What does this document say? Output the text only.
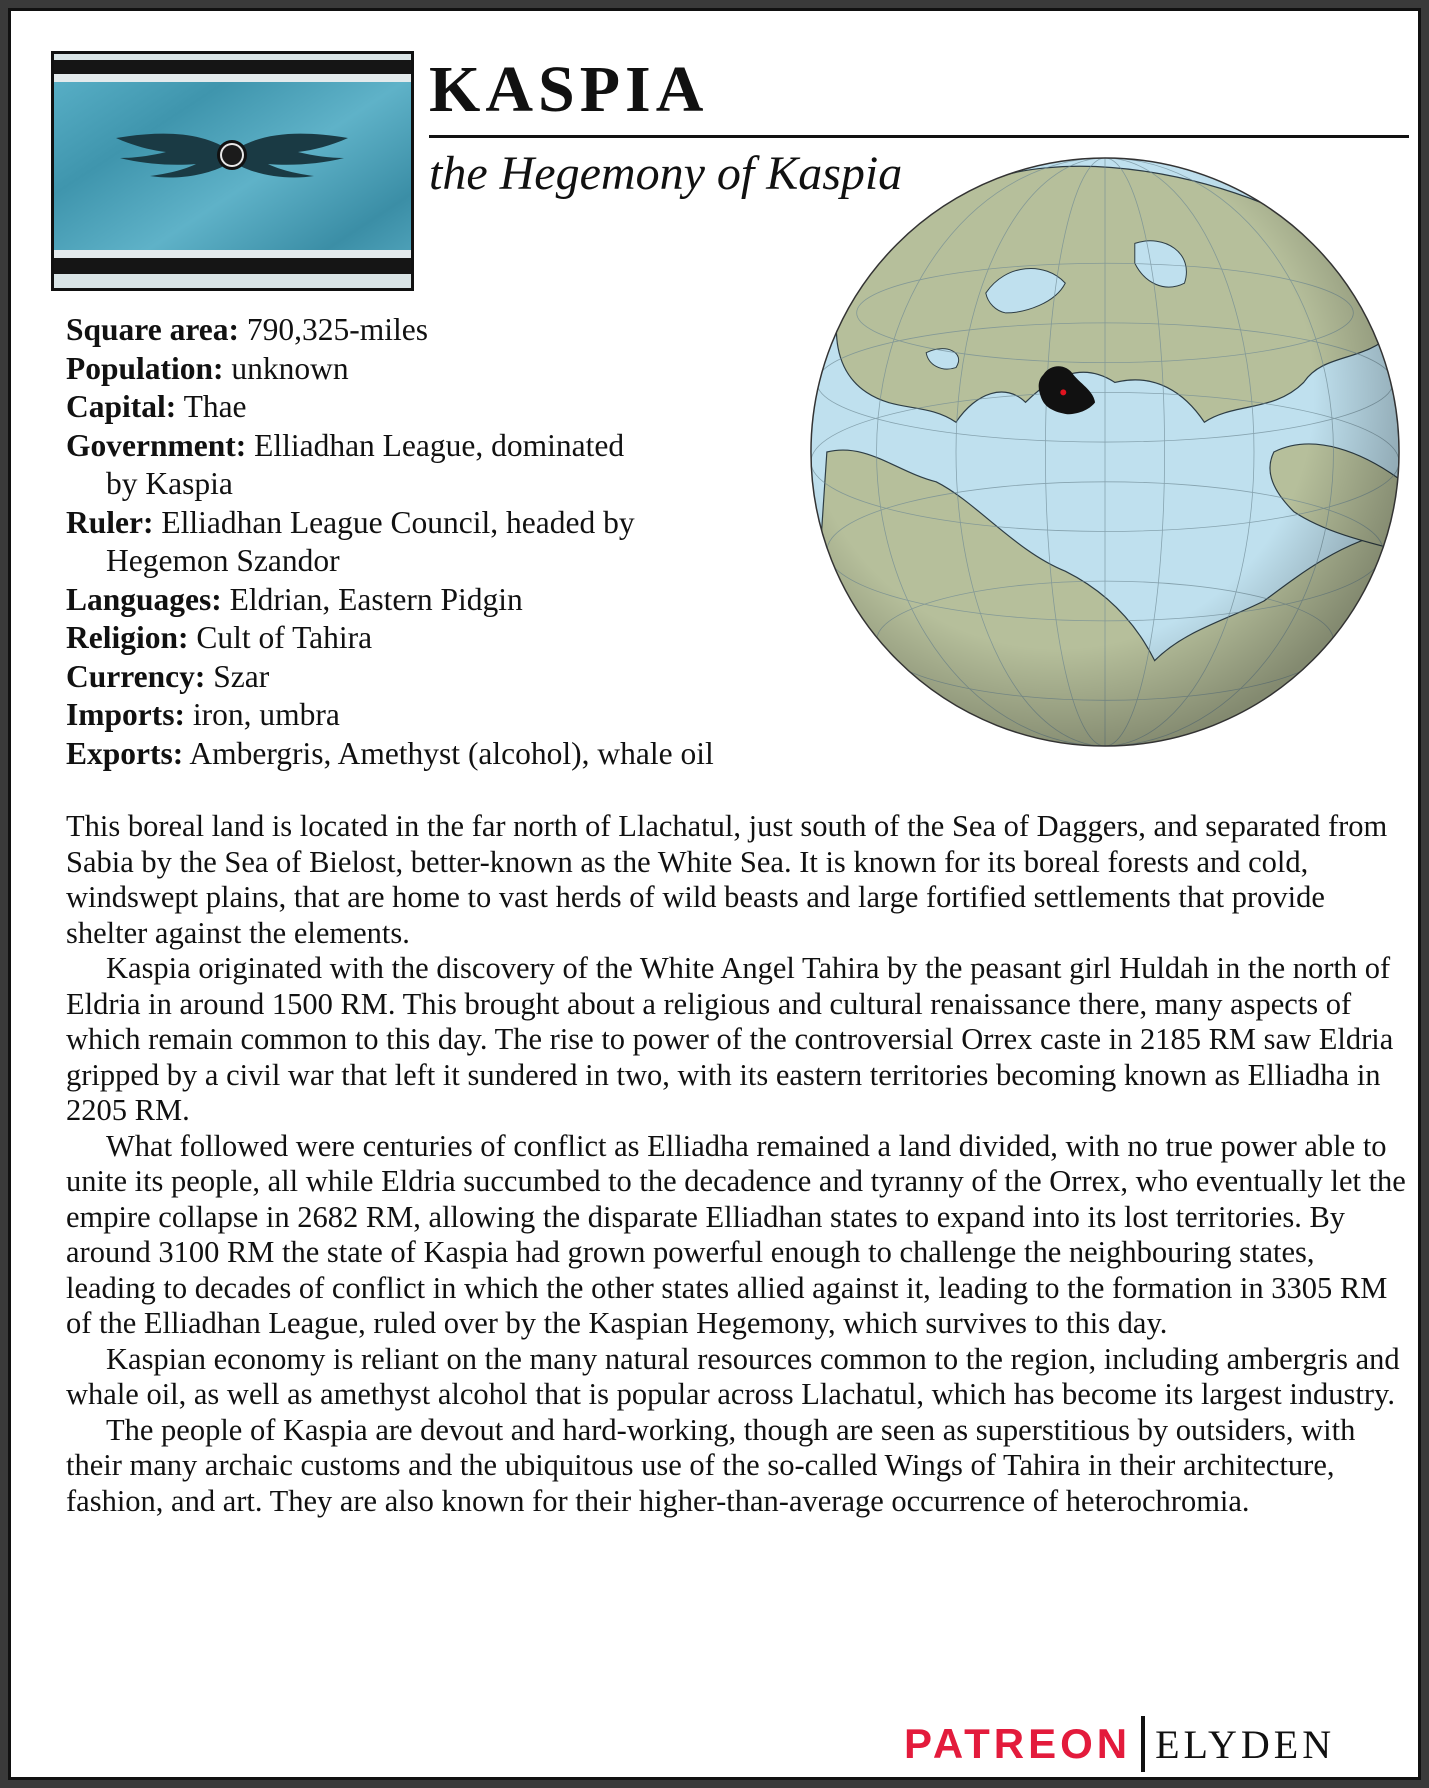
KASPIA
the Hegemony of Kaspia
Square area: 790,325-miles
Population: unknown
Capital: Thae
Government: Elliadhan League, dominated
by Kaspia
Ruler: Elliadhan League Council, headed by
Hegemon Szandor
Languages: Eldrian, Eastern Pidgin
Religion: Cult of Tahira
Currency: Szar
Imports: iron, umbra
Exports: Ambergris, Amethyst (alcohol), whale oil

This boreal land is located in the far north of Llachatul, just south of the Sea of Daggers, and separated from Sabia by the Sea of Bielost, better-known as the White Sea. It is known for its boreal forests and cold, windswept plains, that are home to vast herds of wild beasts and large fortified settlements that provide shelter against the elements.

Kaspia originated with the discovery of the White Angel Tahira by the peasant girl Huldah in the north of Eldria in around 1500 RM. This brought about a religious and cultural renaissance there, many aspects of which remain common to this day. The rise to power of the controversial Orrex caste in 2185 RM saw Eldria gripped by a civil war that left it sundered in two, with its eastern territories becoming known as Elliadha in 2205 RM.

What followed were centuries of conflict as Elliadha remained a land divided, with no true power able to unite its people, all while Eldria succumbed to the decadence and tyranny of the Orrex, who eventually let the empire collapse in 2682 RM, allowing the disparate Elliadhan states to expand into its lost territories. By around 3100 RM the state of Kaspia had grown powerful enough to challenge the neighbouring states, leading to decades of conflict in which the other states allied against it, leading to the formation in 3305 RM of the Elliadhan League, ruled over by the Kaspian Hegemony, which survives to this day.

Kaspian economy is reliant on the many natural resources common to the region, including ambergris and whale oil, as well as amethyst alcohol that is popular across Llachatul, which has become its largest industry.

The people of Kaspia are devout and hard-working, though are seen as superstitious by outsiders, with their many archaic customs and the ubiquitous use of the so-called Wings of Tahira in their architecture, fashion, and art. They are also known for their higher-than-average occurrence of heterochromia.

PATREON ELYDEN
